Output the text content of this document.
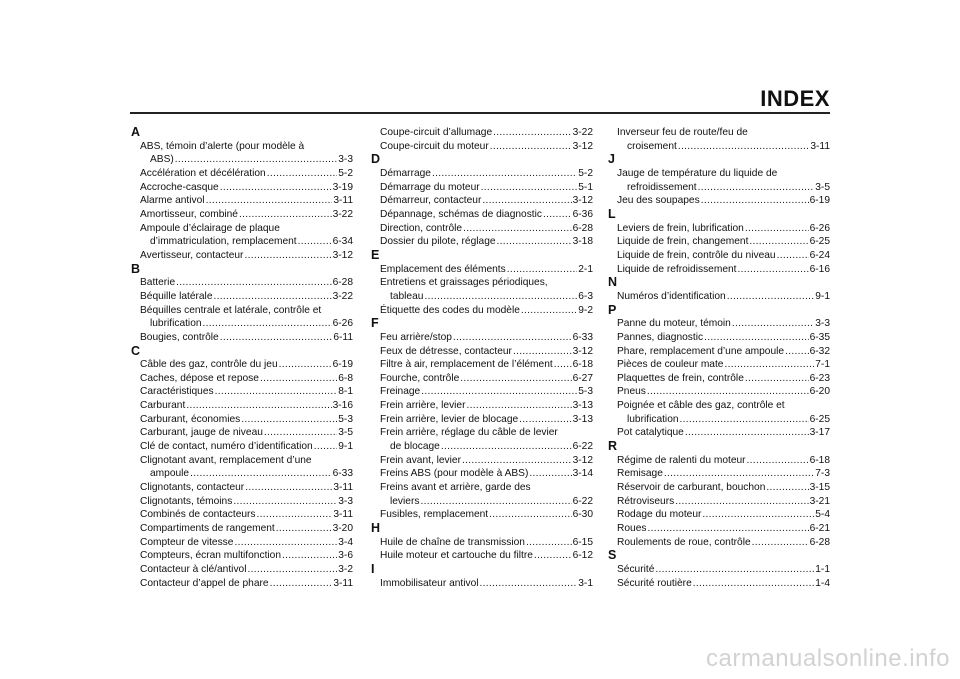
INDEX
A
ABS, témoin d’alerte (pour modèle à
ABS) .....	3-3
Accélération et décélération .....	5-2
Accroche-casque .....	3-19
Alarme antivol .....	3-11
Amortisseur, combiné .....	3-22
Ampoule d’éclairage de plaque
d’immatriculation, remplacement .....	6-34
Avertisseur, contacteur .....	3-12
B
Batterie .....	6-28
Béquille latérale .....	3-22
Béquilles centrale et latérale, contrôle et
lubrification .....	6-26
Bougies, contrôle .....	6-11
C
Câble des gaz, contrôle du jeu .....	6-19
Caches, dépose et repose .....	6-8
Caractéristiques .....	8-1
Carburant .....	3-16
Carburant, économies .....	5-3
Carburant, jauge de niveau .....	3-5
Clé de contact, numéro d’identification .....	9-1
Clignotant avant, remplacement d’une
ampoule .....	6-33
Clignotants, contacteur .....	3-11
Clignotants, témoins .....	3-3
Combinés de contacteurs .....	3-11
Compartiments de rangement .....	3-20
Compteur de vitesse .....	3-4
Compteurs, écran multifonction .....	3-6
Contacteur à clé/antivol .....	3-2
Contacteur d’appel de phare .....	3-11
Coupe-circuit d’allumage .....	3-22
Coupe-circuit du moteur .....	3-12
D
Démarrage .....	5-2
Démarrage du moteur .....	5-1
Démarreur, contacteur .....	3-12
Dépannage, schémas de diagnostic .....	6-36
Direction, contrôle .....	6-28
Dossier du pilote, réglage .....	3-18
E
Emplacement des éléments .....	2-1
Entretiens et graissages périodiques,
tableau .....	6-3
Étiquette des codes du modèle .....	9-2
F
Feu arrière/stop .....	6-33
Feux de détresse, contacteur .....	3-12
Filtre à air, remplacement de l’élément ..... 6-18
Fourche, contrôle .....	6-27
Freinage .....	5-3
Frein arrière, levier .....	3-13
Frein arrière, levier de blocage .....	3-13
Frein arrière, réglage du câble de levier
de blocage .....	6-22
Frein avant, levier .....	3-12
Freins ABS (pour modèle à ABS) .....	3-14
Freins avant et arrière, garde des
leviers .....	6-22
Fusibles, remplacement .....	6-30
H
Huile de chaîne de transmission .....	6-15
Huile moteur et cartouche du filtre .....	6-12
I
Immobilisateur antivol .....	3-1
Inverseur feu de route/feu de
croisement .....	3-11
J
Jauge de température du liquide de
refroidissement .....	3-5
Jeu des soupapes .....	6-19
L
Leviers de frein, lubrification .....	6-26
Liquide de frein, changement .....	6-25
Liquide de frein, contrôle du niveau .....	6-24
Liquide de refroidissement .....	6-16
N
Numéros d’identification .....	9-1
P
Panne du moteur, témoin .....	3-3
Pannes, diagnostic .....	6-35
Phare, remplacement d’une ampoule .....	6-32
Pièces de couleur mate .....	7-1
Plaquettes de frein, contrôle .....	6-23
Pneus .....	6-20
Poignée et câble des gaz, contrôle et
lubrification .....	6-25
Pot catalytique .....	3-17
R
Régime de ralenti du moteur .....	6-18
Remisage .....	7-3
Réservoir de carburant, bouchon .....	3-15
Rétroviseurs .....	3-21
Rodage du moteur .....	5-4
Roues .....	6-21
Roulements de roue, contrôle .....	6-28
S
Sécurité .....	1-1
Sécurité routière .....	1-4
carmanualsonline.info
